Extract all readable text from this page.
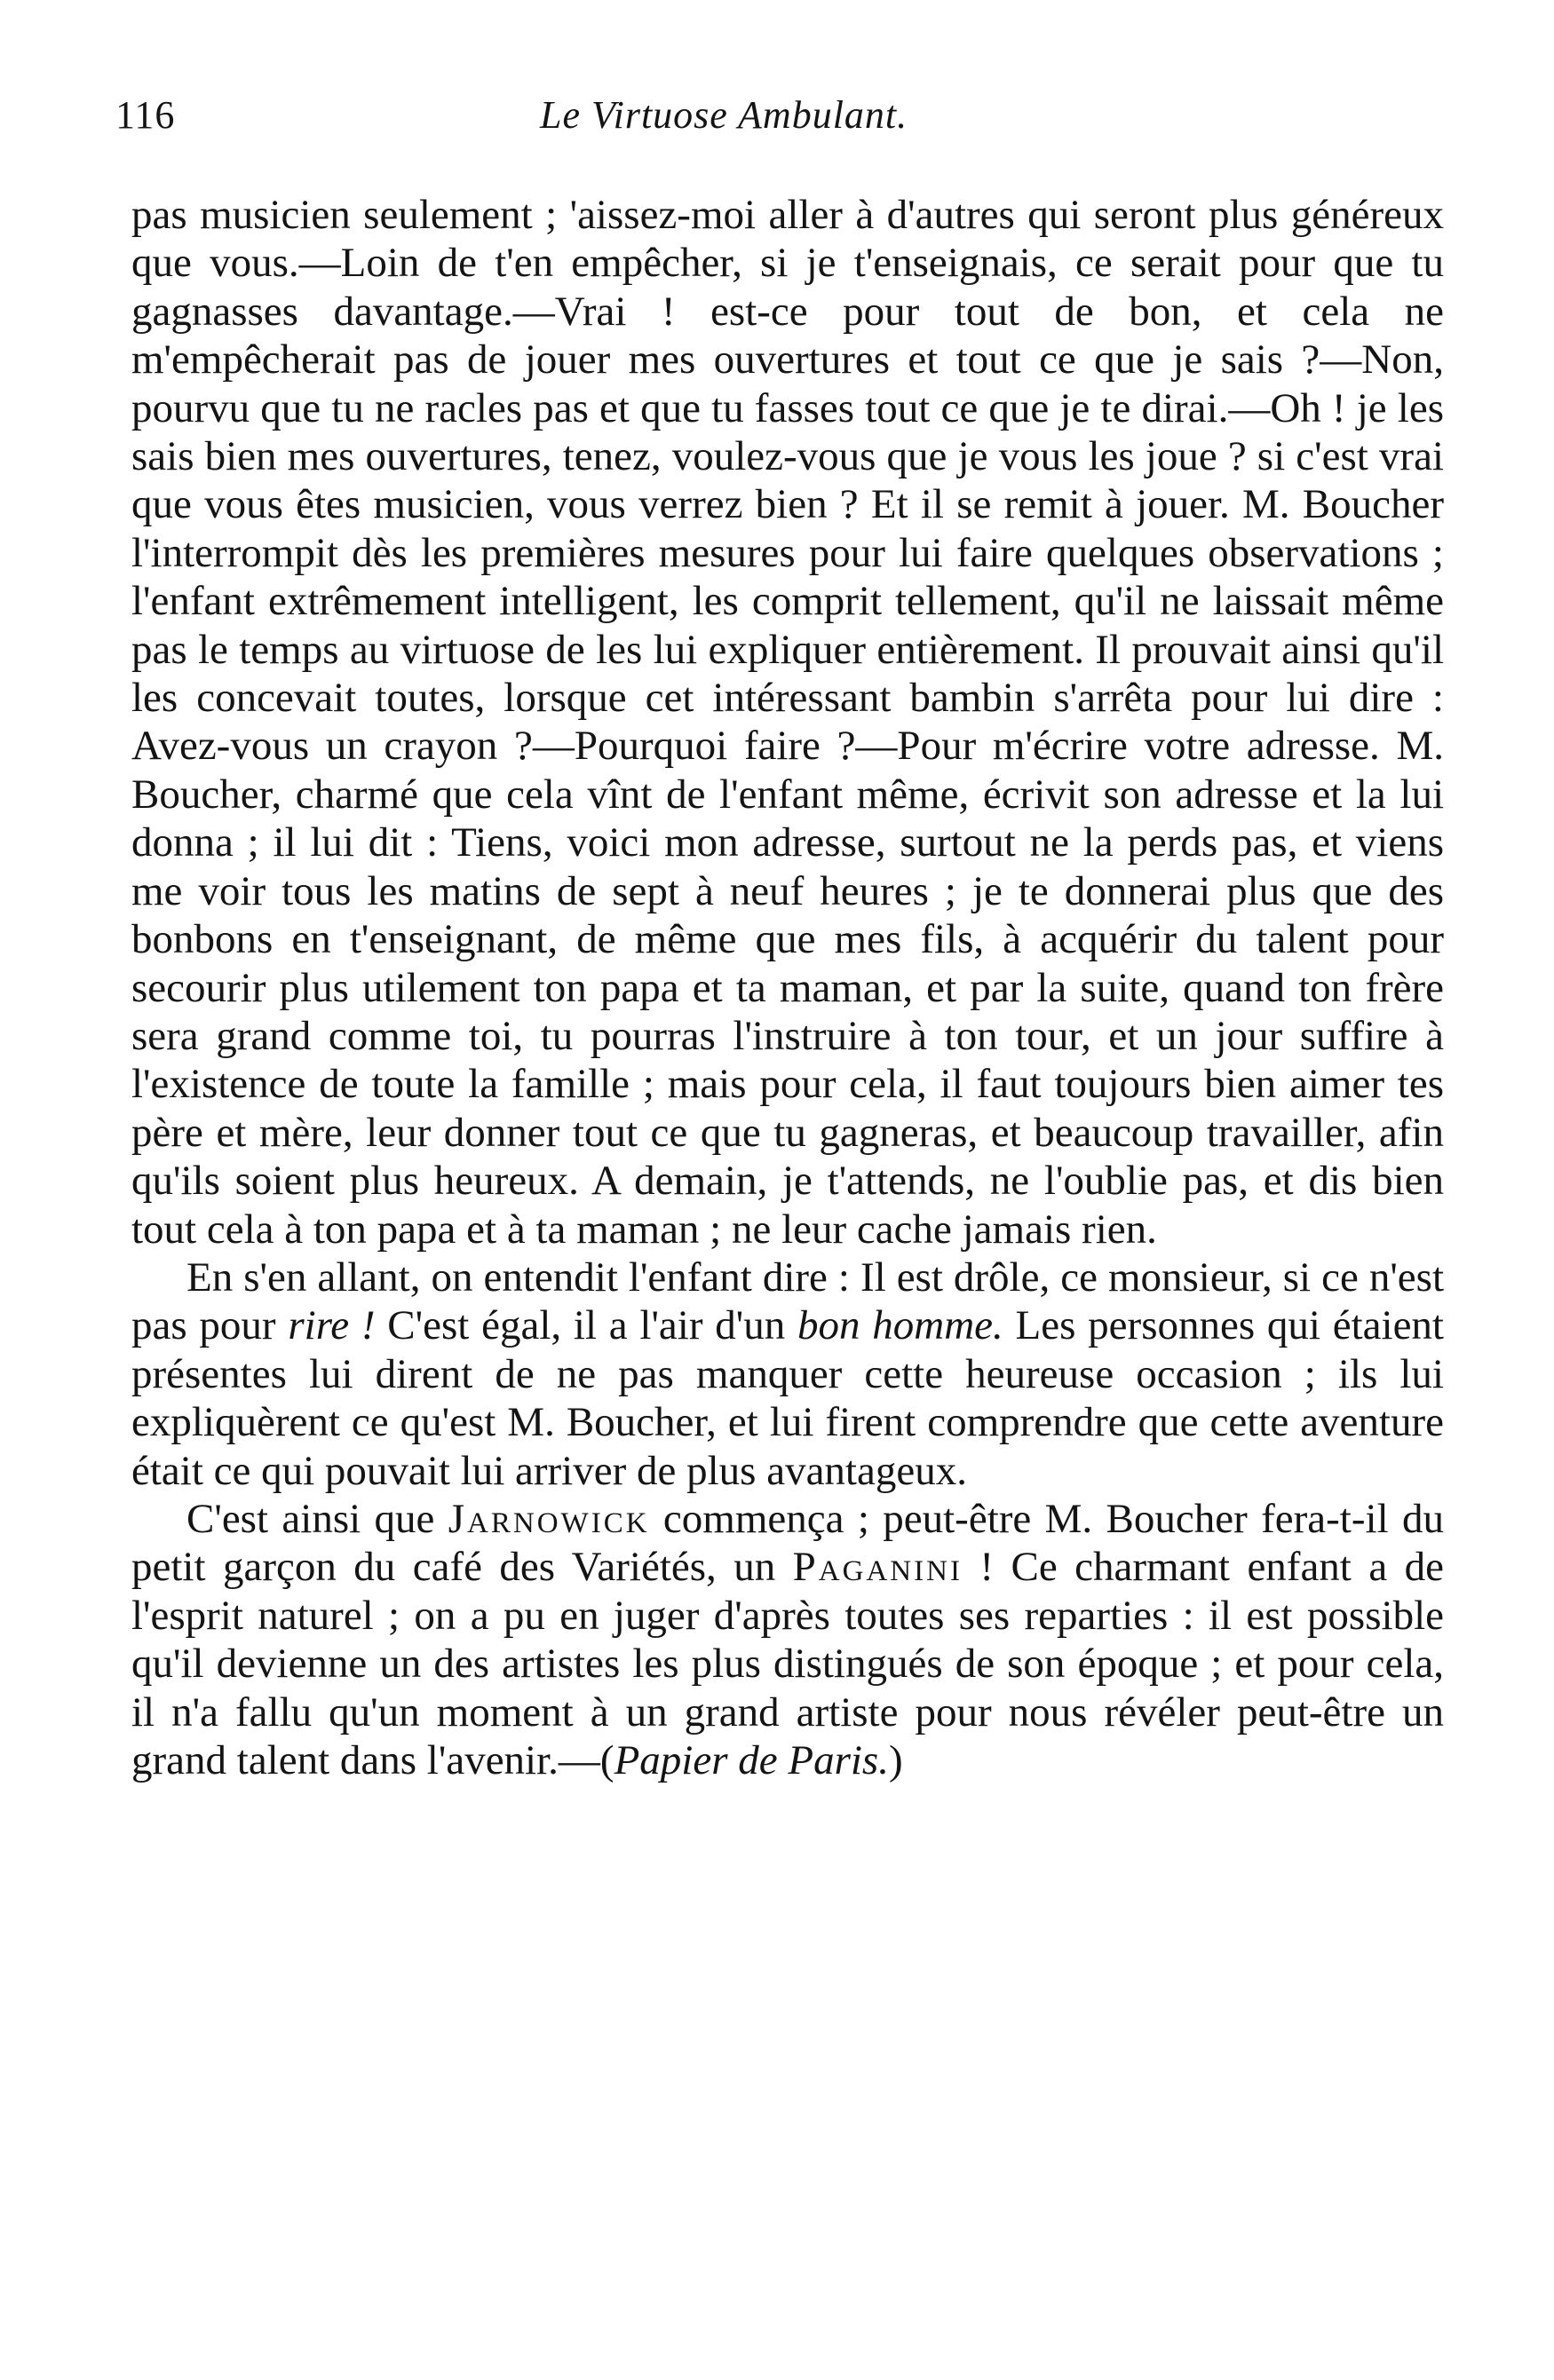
116	Le Virtuose Ambulant.

pas musicien seulement ; 'aissez-moi aller à d'autres qui seront plus généreux que vous.—Loin de t'en empêcher, si je t'enseignais, ce serait pour que tu gagnasses davantage.—Vrai ! est-ce pour tout de bon, et cela ne m'empêcherait pas de jouer mes ouvertures et tout ce que je sais ?—Non, pourvu que tu ne racles pas et que tu fasses tout ce que je te dirai.—Oh ! je les sais bien mes ouvertures, tenez, voulez-vous que je vous les joue ? si c'est vrai que vous êtes musicien, vous verrez bien ? Et il se remit à jouer. M. Boucher l'interrompit dès les premières mesures pour lui faire quelques observations ; l'enfant extrêmement intelligent, les comprit tellement, qu'il ne laissait même pas le temps au virtuose de les lui expliquer entièrement. Il prouvait ainsi qu'il les concevait toutes, lorsque cet intéressant bambin s'arrêta pour lui dire : Avez-vous un crayon ?—Pourquoi faire ?—Pour m'écrire votre adresse. M. Boucher, charmé que cela vînt de l'enfant même, écrivit son adresse et la lui donna ; il lui dit : Tiens, voici mon adresse, surtout ne la perds pas, et viens me voir tous les matins de sept à neuf heures ; je te donnerai plus que des bonbons en t'enseignant, de même que mes fils, à acquérir du talent pour secourir plus utilement ton papa et ta maman, et par la suite, quand ton frère sera grand comme toi, tu pourras l'instruire à ton tour, et un jour suffire à l'existence de toute la famille ; mais pour cela, il faut toujours bien aimer tes père et mère, leur donner tout ce que tu gagneras, et beaucoup travailler, afin qu'ils soient plus heureux. A demain, je t'attends, ne l'oublie pas, et dis bien tout cela à ton papa et à ta maman ; ne leur cache jamais rien.

En s'en allant, on entendit l'enfant dire : Il est drôle, ce monsieur, si ce n'est pas pour rire ! C'est égal, il a l'air d'un bon homme. Les personnes qui étaient présentes lui dirent de ne pas manquer cette heureuse occasion ; ils lui expliquèrent ce qu'est M. Boucher, et lui firent comprendre que cette aventure était ce qui pouvait lui arriver de plus avantageux.

C'est ainsi que Jarnowick commença ; peut-être M. Boucher fera-t-il du petit garçon du café des Variétés, un Paganini ! Ce charmant enfant a de l'esprit naturel ; on a pu en juger d'après toutes ses reparties : il est possible qu'il devienne un des artistes les plus distingués de son époque ; et pour cela, il n'a fallu qu'un moment à un grand artiste pour nous révéler peut-être un grand talent dans l'avenir.—(Papier de Paris.)
